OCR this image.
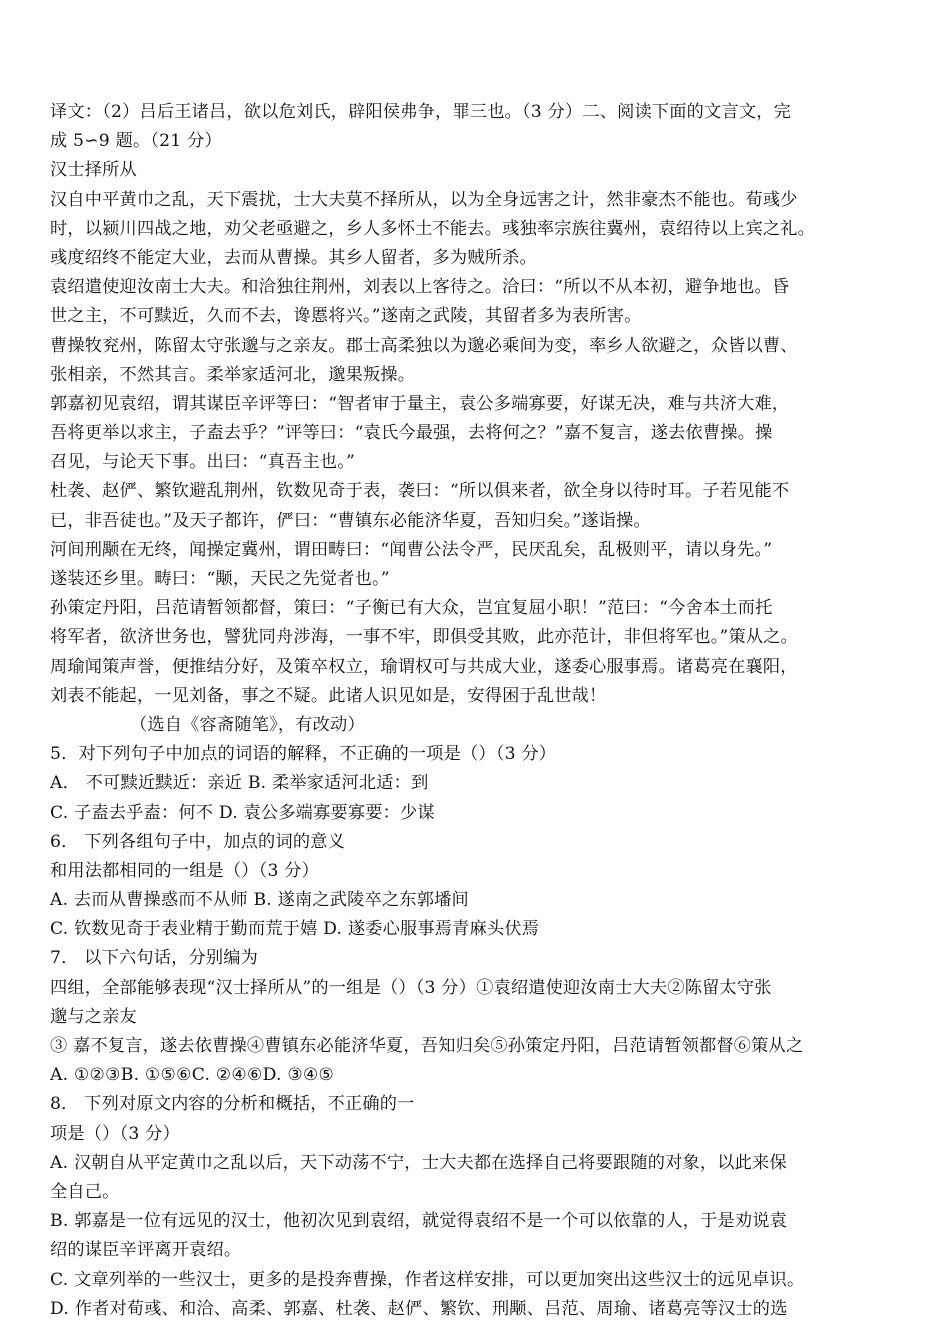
译文：（2）吕后王诸吕，欲以危刘氏，辟阳侯弗争，罪三也。（3 分）二、阅读下面的文言文，完
成 5∽9 题。（21 分）
汉士择所从
汉自中平黄巾之乱，天下震扰，士大夫莫不择所从，以为全身远害之计，然非豪杰不能也。荀彧少
时，以颍川四战之地，劝父老亟避之，乡人多怀土不能去。彧独率宗族往冀州，袁绍待以上宾之礼。
彧度绍终不能定大业，去而从曹操。其乡人留者，多为贼所杀。
袁绍遣使迎汝南士大夫。和洽独往荆州，刘表以上客待之。洽曰：“所以不从本初，避争地也。昏
世之主，不可黩近，久而不去，谗慝将兴。”遂南之武陵，其留者多为表所害。
曹操牧兖州，陈留太守张邈与之亲友。郡士高柔独以为邈必乘间为变，率乡人欲避之，众皆以曹、
张相亲，不然其言。柔举家适河北，邈果叛操。
郭嘉初见袁绍，谓其谋臣辛评等曰：“智者审于量主，袁公多端寡要，好谋无决，难与共济大难，
吾将更举以求主，子盍去乎？”评等曰：“袁氏今最强，去将何之？”嘉不复言，遂去依曹操。操
召见，与论天下事。出曰：“真吾主也。”
杜袭、赵俨、繁钦避乱荆州，钦数见奇于表，袭曰：“所以俱来者，欲全身以待时耳。子若见能不
已，非吾徒也。”及天子都许，俨曰：“曹镇东必能济华夏，吾知归矣。”遂诣操。
河间刑颙在无终，闻操定冀州，谓田畴曰：“闻曹公法令严，民厌乱矣，乱极则平，请以身先。”
遂装还乡里。畴曰：“颙，天民之先觉者也。”
孙策定丹阳，吕范请暂领都督，策曰：“子衡已有大众，岂宜复屈小职！”范曰：“今舍本土而托
将军者，欲济世务也，譬犹同舟涉海，一事不牢，即俱受其败，此亦范计，非但将军也。”策从之。
周瑜闻策声誉，便推结分好，及策卒权立，瑜谓权可与共成大业，遂委心服事焉。诸葛亮在襄阳，
刘表不能起，一见刘备，事之不疑。此诸人识见如是，安得困于乱世哉！
（选自《容斋随笔》，有改动）
5．对下列句子中加点的词语的解释，不正确的一项是（）（3 分）
A． 不可黩近黩近：亲近 B. 柔举家适河北适：到
C. 子盍去乎盍：何不 D. 袁公多端寡要寡要：少谋
6． 下列各组句子中，加点的词的意义
和用法都相同的一组是（）（3 分）
A. 去而从曹操惑而不从师 B. 遂南之武陵卒之东郭墦间
C. 钦数见奇于表业精于勤而荒于嬉 D. 遂委心服事焉青麻头伏焉
7． 以下六句话，分别编为
四组，全部能够表现“汉士择所从”的一组是（）（3 分）①袁绍遣使迎汝南士大夫②陈留太守张
邈与之亲友
③ 嘉不复言，遂去依曹操④曹镇东必能济华夏，吾知归矣⑤孙策定丹阳，吕范请暂领都督⑥策从之
A. ①②③B. ①⑤⑥C. ②④⑥D. ③④⑤
8． 下列对原文内容的分析和概括，不正确的一
项是（）（3 分）
A. 汉朝自从平定黄巾之乱以后，天下动荡不宁，士大夫都在选择自己将要跟随的对象，以此来保
全自己。
B. 郭嘉是一位有远见的汉士，他初次见到袁绍，就觉得袁绍不是一个可以依靠的人，于是劝说袁
绍的谋臣辛评离开袁绍。
C. 文章列举的一些汉士，更多的是投奔曹操，作者这样安排，可以更加突出这些汉士的远见卓识。
D. 作者对荀彧、和洽、高柔、郭嘉、杜袭、赵俨、繁钦、刑颙、吕范、周瑜、诸葛亮等汉士的选
